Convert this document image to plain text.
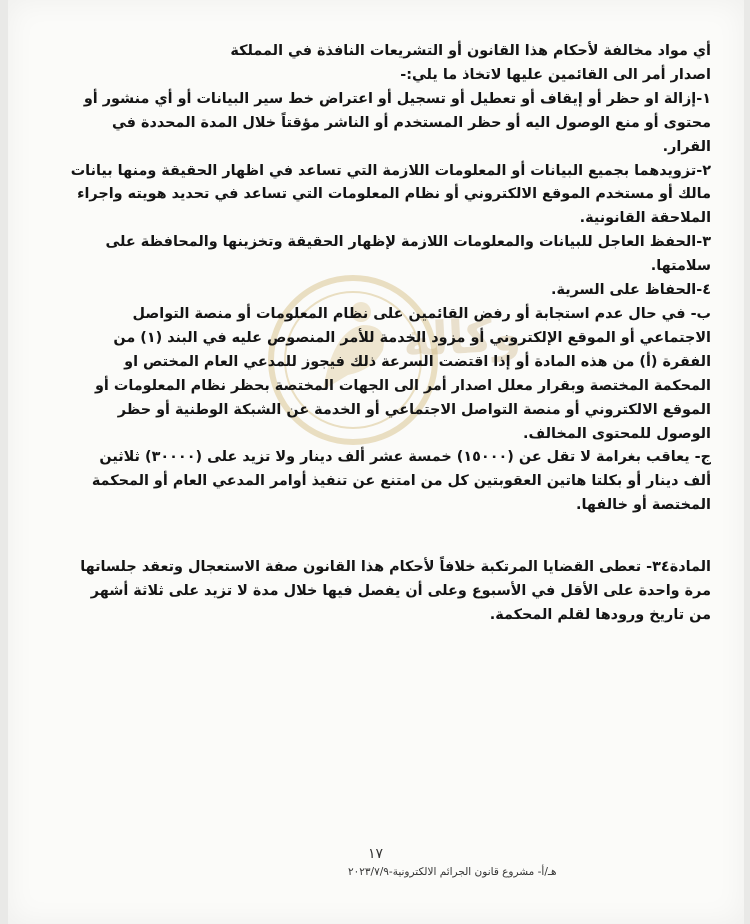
وكالة

أي مواد مخالفة لأحكام هذا القانون أو التشريعات النافذة في المملكة

اصدار أمر الى القائمين عليها لاتخاذ ما يلي:-

١-إزالة او حظر أو إيقاف أو تعطيل أو تسجيل أو اعتراض خط سير البيانات أو أي منشور أو محتوى أو منع الوصول اليه أو حظر المستخدم أو الناشر مؤقتاً خلال المدة المحددة في القرار.

٢-تزويدهما بجميع البيانات أو المعلومات اللازمة التي تساعد في اظهار الحقيقة ومنها بيانات مالك أو مستخدم الموقع الالكتروني أو نظام المعلومات التي تساعد في تحديد هويته واجراء الملاحقة القانونية.

٣-الحفظ العاجل للبيانات والمعلومات اللازمة لإظهار الحقيقة وتخزينها والمحافظة على سلامتها.

٤-الحفاظ على السرية.

ب- في حال عدم استجابة أو رفض القائمين على نظام المعلومات أو منصة التواصل الاجتماعي أو الموقع الإلكتروني أو مزود الخدمة للأمر المنصوص عليه في البند (١) من الفقرة (أ) من هذه المادة أو إذا اقتضت السرعة ذلك فيجوز للمدعي العام المختص او المحكمة المختصة وبقرار معلل اصدار أمر الى الجهات المختصة بحظر نظام المعلومات أو الموقع الالكتروني أو منصة التواصل الاجتماعي أو الخدمة عن الشبكة الوطنية أو حظر الوصول للمحتوى المخالف.

ج- يعاقب بغرامة لا تقل عن (١٥٠٠٠) خمسة عشر ألف دينار ولا تزيد على (٣٠٠٠٠) ثلاثين ألف دينار أو بكلتا هاتين العقوبتين كل من امتنع عن تنفيذ أوامر المدعي العام أو المحكمة المختصة أو خالفها.

المادة٣٤- تعطى القضايا المرتكبة خلافاً لأحكام هذا القانون صفة الاستعجال وتعقد جلساتها مرة واحدة على الأقل في الأسبوع وعلى أن يفصل فيها خلال مدة لا تزيد على ثلاثة أشهر من تاريخ ورودها لقلم المحكمة.

١٧
هـ/أ- مشروع قانون الجرائم الالكترونية-٢٠٢٣/٧/٩
